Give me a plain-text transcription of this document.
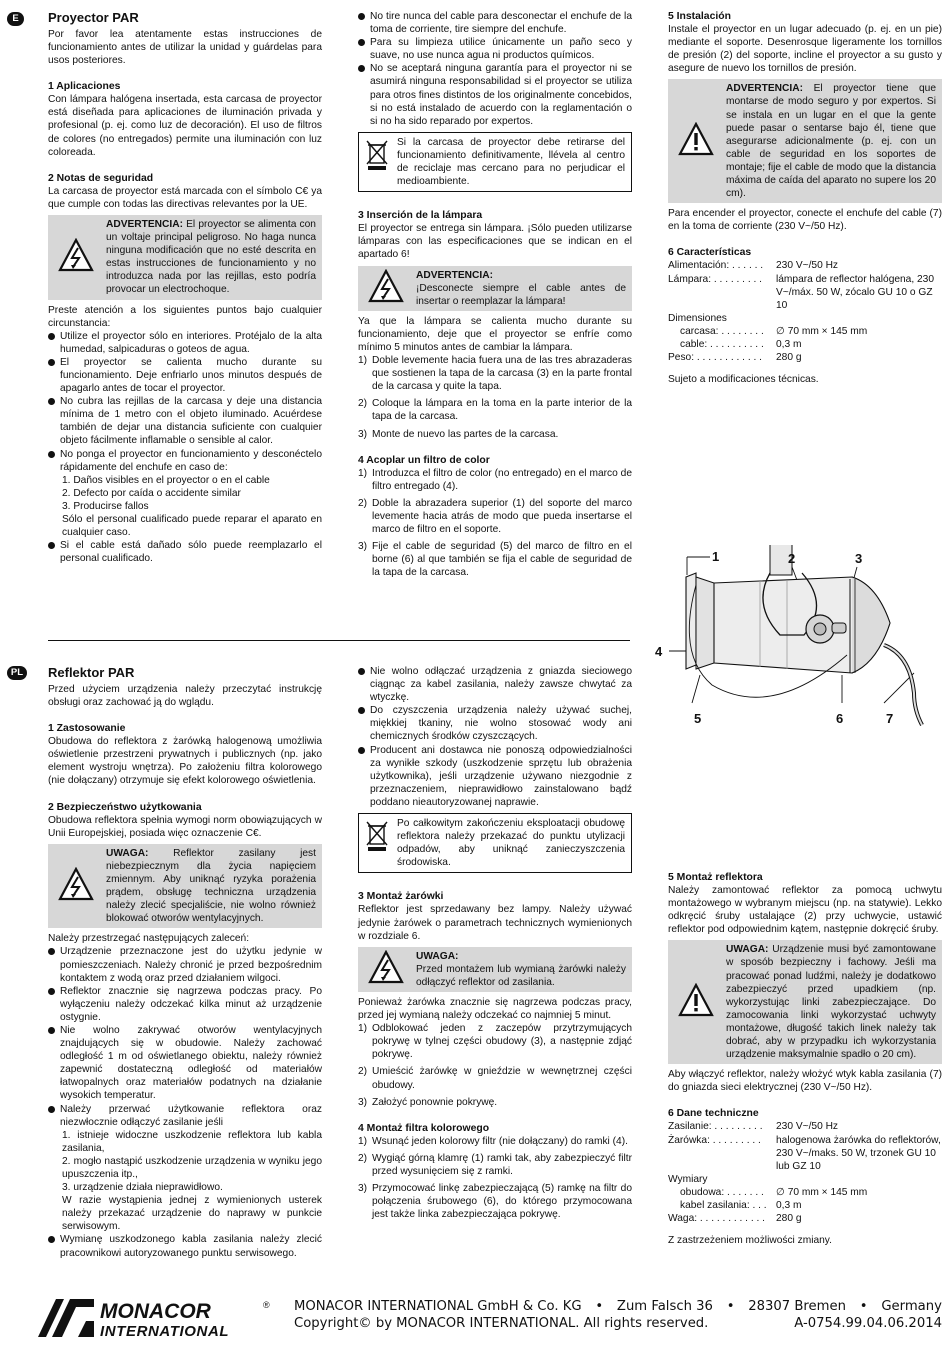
E	Proyector PAR

Por favor lea atentamente estas instrucciones de funcionamiento antes de utilizar la unidad y guárdelas para usos posteriores.

1 Aplicaciones

Con lámpara halógena insertada, esta carcasa de proyector está diseñada para aplicaciones de iluminación privada y profesional (p. ej. como luz de decoración). El uso de filtros de colores (no entregados) permite una iluminación con luz coloreada.

2 Notas de seguridad

La carcasa de proyector está marcada con el símbolo C€ ya que cumple con todas las directivas relevantes por la UE.

ADVERTENCIA: El proyector se alimenta con un voltaje principal peligroso. No haga nunca ninguna modificación que no esté descrita en estas instrucciones de funcionamiento y no introduzca nada por las rejillas, esto podría provocar un electrochoque.

Preste atención a los siguientes puntos bajo cualquier circunstancia:

Utilize el proyector sólo en interiores. Protéjalo de la alta humedad, salpicaduras o goteos de agua.
El proyector se calienta mucho durante su funcionamiento. Deje enfriarlo unos minutos después de apagarlo antes de tocar el proyector.
No cubra las rejillas de la carcasa y deje una distancia mínima de 1 metro con el objeto iluminado. Acuérdese también de dejar una distancia suficiente con cualquier objeto fácilmente inflamable o sensible al calor.
No ponga el proyector en funcionamiento y desconéctelo rápidamente del enchufe en caso de:
1. Daños visibles en el proyector o en el cable
2. Defecto por caída o accidente similar
3. Producirse fallos
Sólo el personal cualificado puede reparar el aparato en cualquier caso.
Si el cable está dañado sólo puede reemplazarlo el personal cualificado.
No tire nunca del cable para desconectar el enchufe de la toma de corriente, tire siempre del enchufe.
Para su limpieza utilice únicamente un paño seco y suave, no use nunca agua ni productos químicos.
No se aceptará ninguna garantía para el proyector ni se asumirá ninguna responsabilidad si el proyector se utiliza para otros fines distintos de los originalmente concebidos, si no está instalado de acuerdo con la reglamentación o si no ha sido reparado por expertos.
Si la carcasa de proyector debe retirarse del funcionamiento definitivamente, llévela al centro de reciclaje mas cercano para no perjudicar el medioambiente.
3 Inserción de la lámpara

El proyector se entrega sin lámpara. ¡Sólo pueden utilizarse lámparas con las especificaciones que se indican en el apartado 6!

ADVERTENCIA:
¡Desconecte siempre el cable antes de insertar o reemplazar la lámpara!

Ya que la lámpara se calienta mucho durante su funcionamiento, deje que el proyector se enfríe como mínimo 5 minutos antes de cambiar la lámpara.

1) Doble levemente hacia fuera una de las tres abrazaderas que sostienen la tapa de la carcasa (3) en la parte frontal de la carcasa y quite la tapa.
2) Coloque la lámpara en la toma en la parte interior de la tapa de la carcasa.
3) Monte de nuevo las partes de la carcasa.
4 Acoplar un filtro de color
1) Introduzca el filtro de color (no entregado) en el marco de filtro entregado (4).
2) Doble la abrazadera superior (1) del soporte del marco levemente hacia atrás de modo que pueda insertarse el marco de filtro en el soporte.
3) Fije el cable de seguridad (5) del marco de filtro en el borne (6) al que también se fija el cable de seguridad de la tapa de la carcasa.
5 Instalación

Instale el proyector en un lugar adecuado (p. ej. en un pie) mediante el soporte. Desenrosque ligeramente los tornillos de presión (2) del soporte, incline el proyector a su gusto y asegure de nuevo los tornillos de presión.

ADVERTENCIA: El proyector tiene que montarse de modo seguro y por expertos. Si se instala en un lugar en el que la gente puede pasar o sentarse bajo él, tiene que asegurarse adicionalmente (p. ej. con un cable de seguridad en los soportes de montaje; fije el cable de modo que la distancia máxima de caída del aparato no supere los 20 cm).

Para encender el proyector, conecte el enchufe del cable (7) en la toma de corriente (230 V~/50 Hz).

6 Características
Alimentación: . . . . . .	230 V~/50 Hz
Lámpara: . . . . . . . . .	lámpara de reflector halógena, 230 V~/máx. 50 W, zócalo GU 10 o GZ 10
Dimensiones
carcasa: . . . . . . . .	∅ 70 mm × 145 mm
cable: . . . . . . . . . .	0,3 m
Peso: . . . . . . . . . . . .	280 g

Sujeto a modificaciones técnicas.

1	2	3
4
5	6	7
PL	Reflektor PAR

Przed użyciem urządzenia należy przeczytać instrukcję obsługi oraz zachować ją do wglądu.

1 Zastosowanie

Obudowa do reflektora z żarówką halogenową umożliwia oświetlenie przestrzeni prywatnych i publicznych (np. jako element wystroju wnętrza). Po założeniu filtra kolorowego (nie dołączany) otrzymuje się efekt kolorowego oświetlenia.

2 Bezpieczeństwo użytkowania

Obudowa reflektora spełnia wymogi norm obowiązujących w Unii Europejskiej, posiada więc oznaczenie C€.

UWAGA: Reflektor zasilany jest niebezpiecznym dla życia napięciem zmiennym. Aby uniknąć ryzyka porażenia prądem, obsługę techniczna urządzenia należy zlecić specjaliście, nie wolno również blokować otworów wentylacyjnych.

Należy przestrzegać następujących zaleceń:

Urządzenie przeznaczone jest do użytku jedynie w pomieszczeniach. Należy chronić je przed bezpośrednim kontaktem z wodą oraz przed działaniem wilgoci.
Reflektor znacznie się nagrzewa podczas pracy. Po wyłączeniu należy odczekać kilka minut aż urządzenie ostygnie.
Nie wolno zakrywać otworów wentylacyjnych znajdujących się w obudowie. Należy zachować odległość 1 m od oświetlanego obiektu, należy również zapewnić dostateczną odległość od materiałów łatwopalnych oraz materiałów podatnych na działanie wysokich temperatur.
Należy przerwać użytkowanie reflektora oraz niezwłocznie odłączyć zasilanie jeśli
1. istnieje widoczne uszkodzenie reflektora lub kabla zasilania,
2. mogło nastąpić uszkodzenie urządzenia w wyniku jego upuszczenia itp.,
3. urządzenie działa nieprawidłowo.
W razie wystąpienia jednej z wymienionych usterek należy przekazać urządzenie do naprawy w punkcie serwisowym.
Wymianę uszkodzonego kabla zasilania należy zlecić pracownikowi autoryzowanego punktu serwisowego.
Nie wolno odłączać urządzenia z gniazda sieciowego ciągnąc za kabel zasilania, należy zawsze chwytać za wtyczkę.
Do czyszczenia urządzenia należy używać suchej, miękkiej tkaniny, nie wolno stosować wody ani chemicznych środków czyszczących.
Producent ani dostawca nie ponoszą odpowiedzialności za wynikłe szkody (uszkodzenie sprzętu lub obrażenia użytkownika), jeśli urządzenie używano niezgodnie z przeznaczeniem, nieprawidłowo zainstalowano bądź poddano nieautoryzowanej naprawie.
Po całkowitym zakończeniu eksploatacji obudowę reflektora należy przekazać do punktu utylizacji odpadów, aby uniknąć zanieczyszczenia środowiska.
3 Montaż żarówki

Reflektor jest sprzedawany bez lampy. Należy używać jedynie żarówek o parametrach technicznych wymienionych w rozdziale 6.

UWAGA:
Przed montażem lub wymianą żarówki należy odłączyć reflektor od zasilania.

Ponieważ żarówka znacznie się nagrzewa podczas pracy, przed jej wymianą należy odczekać co najmniej 5 minut.

1) Odblokować jeden z zaczepów przytrzymujących pokrywę w tylnej części obudowy (3), a następnie zdjąć pokrywę.
2) Umieścić żarówkę w gnieździe w wewnętrznej części obudowy.
3) Założyć ponownie pokrywę.
4 Montaż filtra kolorowego
1) Wsunąć jeden kolorowy filtr (nie dołączany) do ramki (4).
2) Wygiąć górną klamrę (1) ramki tak, aby zabezpieczyć filtr przed wysunięciem się z ramki.
3) Przymocować linkę zabezpieczającą (5) ramkę na filtr do połączenia śrubowego (6), do którego przymocowana jest także linka zabezpieczająca pokrywę.
5 Montaż reflektora

Należy zamontować reflektor za pomocą uchwytu montażowego w wybranym miejscu (np. na statywie). Lekko odkręcić śruby ustalające (2) przy uchwycie, ustawić reflektor pod odpowiednim kątem, następnie dokręcić śruby.

UWAGA: Urządzenie musi być zamontowane w sposób bezpieczny i fachowy. Jeśli ma pracować ponad ludźmi, należy je dodatkowo zabezpieczyć przed upadkiem (np. wykorzystując linki zabezpieczające. Do zamocowania linki wykorzystać uchwyty montażowe, długość takich linek należy tak dobrać, aby w przypadku ich wykorzystania urządzenie maksymalnie spadło o 20 cm).

Aby włączyć reflektor, należy włożyć wtyk kabla zasilania (7) do gniazda sieci elektrycznej (230 V~/50 Hz).

6 Dane techniczne
Zasilanie: . . . . . . . . .	230 V~/50 Hz
Żarówka: . . . . . . . . .	halogenowa żarówka do reflektorów, 230 V~/maks. 50 W, trzonek GU 10 lub GZ 10
Wymiary
obudowa: . . . . . . .	∅ 70 mm × 145 mm
kabel zasilania: . . . 0,3 m
Waga: . . . . . . . . . . . .	280 g

Z zastrzeżeniem możliwości zmiany.

MONACOR	®
INTERNATIONAL
MONACOR INTERNATIONAL GmbH & Co. KG • Zum Falsch 36 • 28307 Bremen • Germany
Copyright© by MONACOR INTERNATIONAL. All rights reserved.	A-0754.99.04.06.2014
